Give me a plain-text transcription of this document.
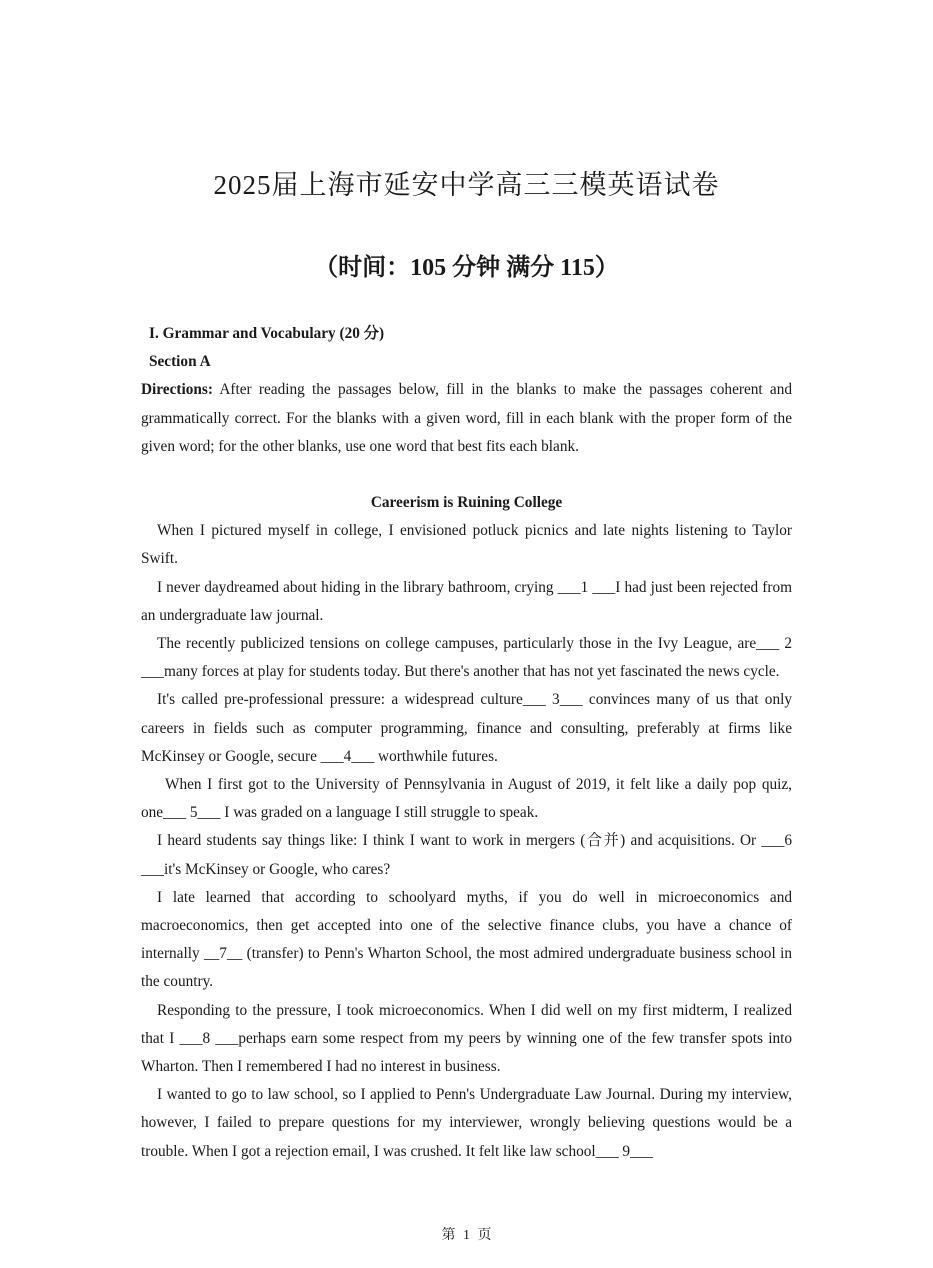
2025届上海市延安中学高三三模英语试卷
（时间：105 分钟 满分 115）

I. Grammar and Vocabulary (20 分)

Section A

Directions: After reading the passages below, fill in the blanks to make the passages coherent and grammatically correct. For the blanks with a given word, fill in each blank with the proper form of the given word; for the other blanks, use one word that best fits each blank.

Careerism is Ruining College

When I pictured myself in college, I envisioned potluck picnics and late nights listening to Taylor Swift.

I never daydreamed about hiding in the library bathroom, crying ___1 ___I had just been rejected from an undergraduate law journal.

The recently publicized tensions on college campuses, particularly those in the Ivy League, are___ 2 ___many forces at play for students today. But there's another that has not yet fascinated the news cycle.

It's called pre-professional pressure: a widespread culture___ 3___ convinces many of us that only careers in fields such as computer programming, finance and consulting, preferably at firms like McKinsey or Google, secure ___4___ worthwhile futures.

When I first got to the University of Pennsylvania in August of 2019, it felt like a daily pop quiz, one___ 5___ I was graded on a language I still struggle to speak.

I heard students say things like: I think I want to work in mergers (合并) and acquisitions. Or ___6 ___it's McKinsey or Google, who cares?

I late learned that according to schoolyard myths, if you do well in microeconomics and macroeconomics, then get accepted into one of the selective finance clubs, you have a chance of internally __7__ (transfer) to Penn's Wharton School, the most admired undergraduate business school in the country.

Responding to the pressure, I took microeconomics. When I did well on my first midterm, I realized that I ___8 ___perhaps earn some respect from my peers by winning one of the few transfer spots into Wharton. Then I remembered I had no interest in business.

I wanted to go to law school, so I applied to Penn's Undergraduate Law Journal. During my interview, however, I failed to prepare questions for my interviewer, wrongly believing questions would be a trouble. When I got a rejection email, I was crushed. It felt like law school___ 9___

第 1 页
